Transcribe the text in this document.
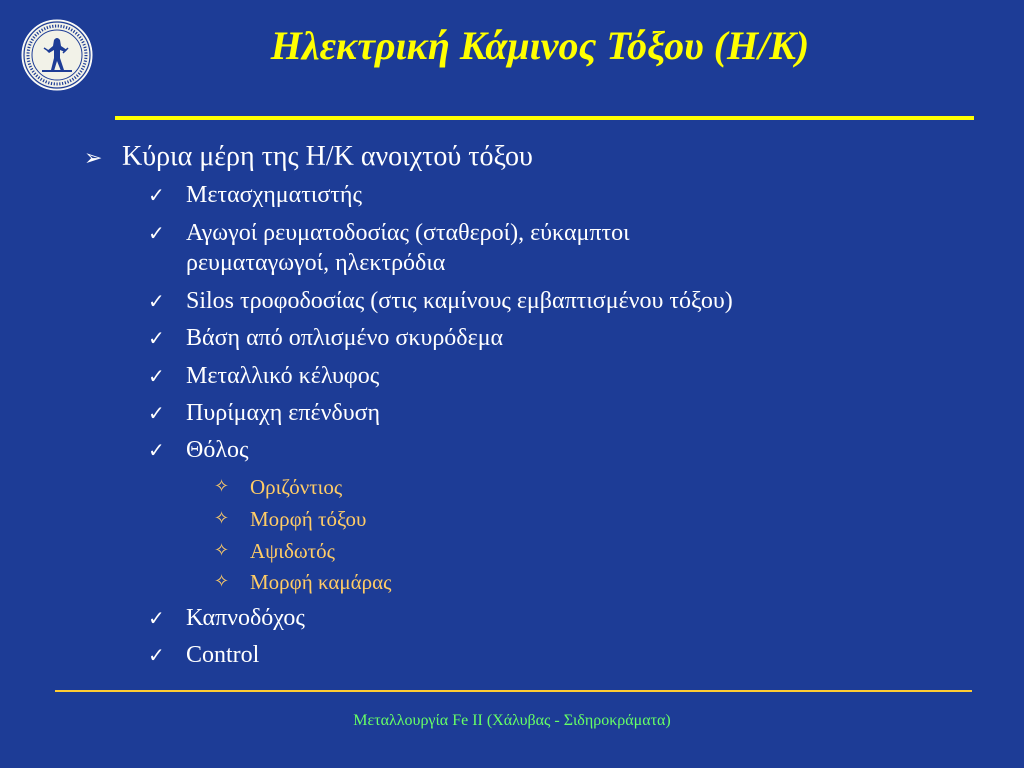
Ηλεκτρική Κάμινος Τόξου (Η/Κ)
➢ Κύρια μέρη της Η/Κ ανοιχτού τόξου
✓ Μετασχηματιστής
✓ Αγωγοί ρευματοδοσίας (σταθεροί), εύκαμπτοι
ρευματαγωγοί, ηλεκτρόδια
✓ Silos τροφοδοσίας (στις καμίνους εμβαπτισμένου τόξου)
✓ Βάση από οπλισμένο σκυρόδεμα
✓ Μεταλλικό κέλυφος
✓ Πυρίμαχη επένδυση
✓ Θόλος
✧ Οριζόντιος
✧ Μορφή τόξου
✧ Αψιδωτός
✧ Μορφή καμάρας
✓ Καπνοδόχος
✓ Control
Μεταλλουργία Fe II (Χάλυβας - Σιδηροκράματα)
